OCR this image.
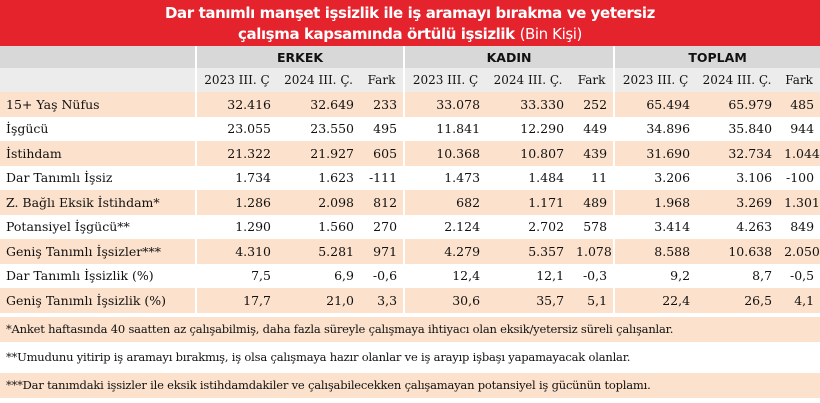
Dar tanımlı manşet işsizlik ile iş aramayı bırakma ve yetersiz
çalışma kapsamında örtülü işsizlik (Bin Kişi)
	ERKEK			KADIN			TOPLAM		
	2023 III. Ç	2024 III. Ç.	Fark	2023 III. Ç	2024 III. Ç.	Fark	2023 III. Ç	2024 III. Ç.	Fark
15+ Yaş Nüfus	32.416	32.649	233	33.078	33.330	252	65.494	65.979	485
İşgücü	23.055	23.550	495	11.841	12.290	449	34.896	35.840	944
İstihdam	21.322	21.927	605	10.368	10.807	439	31.690	32.734	1.044
Dar Tanımlı İşsiz	1.734	1.623	-111	1.473	1.484	11	3.206	3.106	-100
Z. Bağlı Eksik İstihdam*	1.286	2.098	812	682	1.171	489	1.968	3.269	1.301
Potansiyel İşgücü**	1.290	1.560	270	2.124	2.702	578	3.414	4.263	849
Geniş Tanımlı İşsizler***	4.310	5.281	971	4.279	5.357	1.078	8.588	10.638	2.050
Dar Tanımlı İşsizlik (%)	7,5	6,9	-0,6	12,4	12,1	-0,3	9,2	8,7	-0,5
Geniş Tanımlı İşsizlik (%)	17,7	21,0	3,3	30,6	35,7	5,1	22,4	26,5	4,1
*Anket haftasında 40 saatten az çalışabilmiş, daha fazla süreyle çalışmaya ihtiyacı olan eksik/yetersiz süreli çalışanlar.
**Umudunu yitirip iş aramayı bırakmış, iş olsa çalışmaya hazır olanlar ve iş arayıp işbaşı yapamayacak olanlar.
***Dar tanımdaki işsizler ile eksik istihdamdakiler ve çalışabilecekken çalışamayan potansiyel iş gücünün toplamı.
